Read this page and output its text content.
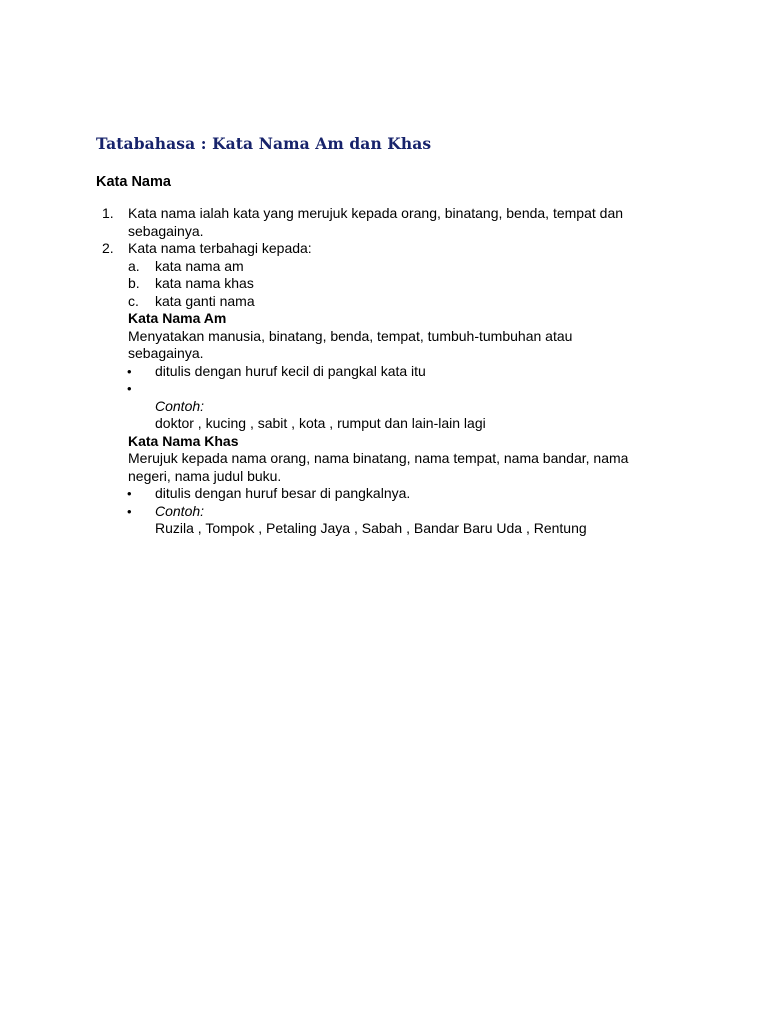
Tatabahasa : Kata Nama Am dan Khas
Kata Nama
1. Kata nama ialah kata yang merujuk kepada orang, binatang, benda, tempat dan
sebagainya.
2. Kata nama terbahagi kepada:
a. kata nama am
b. kata nama khas
c. kata ganti nama
Kata Nama Am
Menyatakan manusia, binatang, benda, tempat, tumbuh-tumbuhan atau
sebagainya.
• ditulis dengan huruf kecil di pangkal kata itu
•
Contoh:
doktor , kucing , sabit , kota , rumput dan lain-lain lagi
Kata Nama Khas
Merujuk kepada nama orang, nama binatang, nama tempat, nama bandar, nama
negeri, nama judul buku.
• ditulis dengan huruf besar di pangkalnya.
• Contoh:
Ruzila , Tompok , Petaling Jaya , Sabah , Bandar Baru Uda , Rentung
